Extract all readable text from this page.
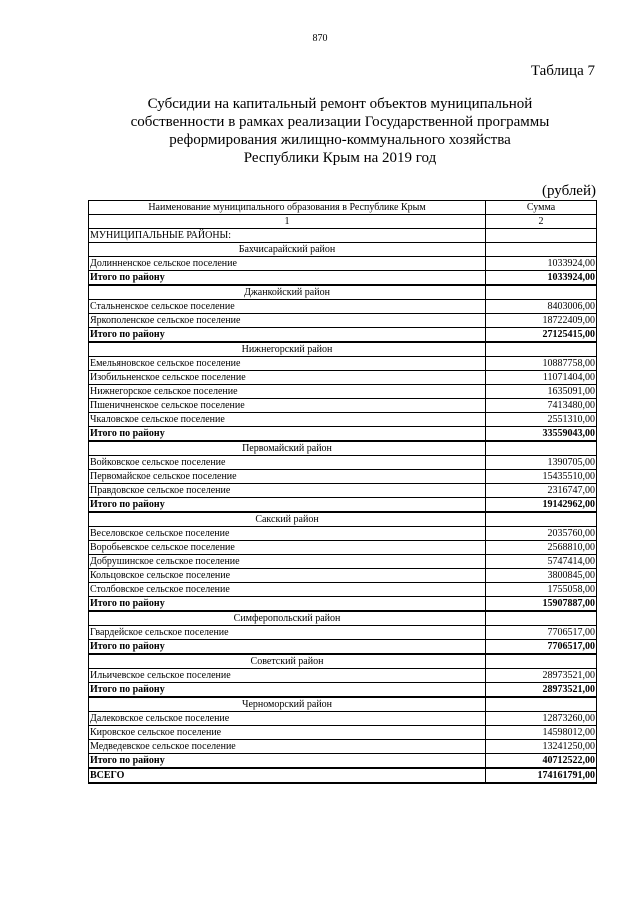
870
Таблица 7
Субсидии на капитальный ремонт объектов муниципальной
собственности в рамках реализации Государственной программы
реформирования жилищно-коммунального хозяйства
Республики Крым на 2019 год
(рублей)
Наименование муниципального образования в Республике Крым	Сумма
1	2
МУНИЦИПАЛЬНЫЕ РАЙОНЫ:	
Бахчисарайский район	
Долинненское сельское поселение	1033924,00
Итого по району	1033924,00
Джанкойский район	
Стальненское сельское поселение	8403006,00
Яркополенское сельское поселение	18722409,00
Итого по району	27125415,00
Нижнегорский район	
Емельяновское сельское поселение	10887758,00
Изобильненское сельское поселение	11071404,00
Нижнегорское сельское поселение	1635091,00
Пшеничненское сельское поселение	7413480,00
Чкаловское сельское поселение	2551310,00
Итого по району	33559043,00
Первомайский район	
Войковское сельское поселение	1390705,00
Первомайское сельское поселение	15435510,00
Правдовское сельское поселение	2316747,00
Итого по району	19142962,00
Сакский район	
Веселовское сельское поселение	2035760,00
Воробьевское сельское поселение	2568810,00
Добрушинское сельское поселение	5747414,00
Кольцовское сельское поселение	3800845,00
Столбовское сельское поселение	1755058,00
Итого по району	15907887,00
Симферопольский район	
Гвардейское сельское поселение	7706517,00
Итого по району	7706517,00
Советский район	
Ильичевское сельское поселение	28973521,00
Итого по району	28973521,00
Черноморский район	
Далековское сельское поселение	12873260,00
Кировское сельское поселение	14598012,00
Медведевское сельское поселение	13241250,00
Итого по району	40712522,00
ВСЕГО	174161791,00
